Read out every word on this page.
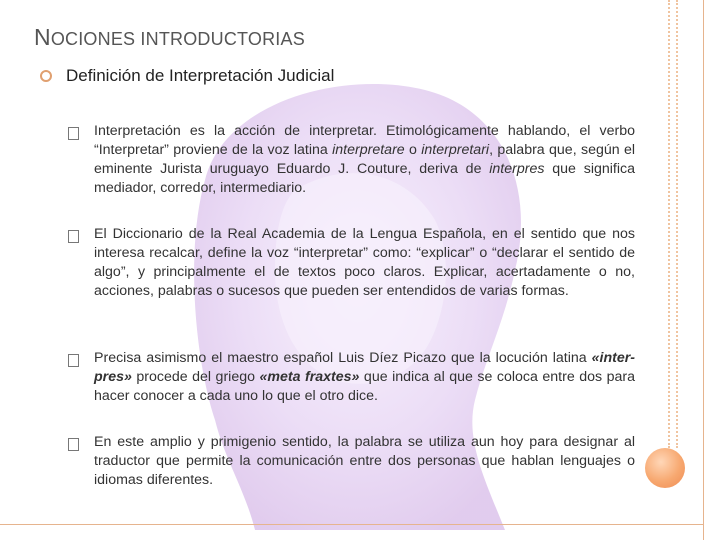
NOCIONES INTRODUCTORIAS
Definición de Interpretación Judicial
Interpretación es la acción de interpretar. Etimológicamente hablando, el verbo “Interpretar” proviene de la voz latina interpretare o interpretari, palabra que, según el eminente Jurista uruguayo Eduardo J. Couture, deriva de interpres que significa mediador, corredor, intermediario.
El Diccionario de la Real Academia de la Lengua Española, en el sentido que nos interesa recalcar, define la voz “interpretar” como: “explicar” o “declarar el sentido de algo”, y principalmente el de textos poco claros. Explicar, acertadamente o no, acciones, palabras o sucesos que pueden ser entendidos de varias formas.
Precisa asimismo el maestro español Luis Díez Picazo que la locución latina «inter-pres» procede del griego «meta fraxtes» que indica al que se coloca entre dos para hacer conocer a cada uno lo que el otro dice.
En este amplio y primigenio sentido, la palabra se utiliza aun hoy para designar al traductor que permite la comunicación entre dos personas que hablan lenguajes o idiomas diferentes.
